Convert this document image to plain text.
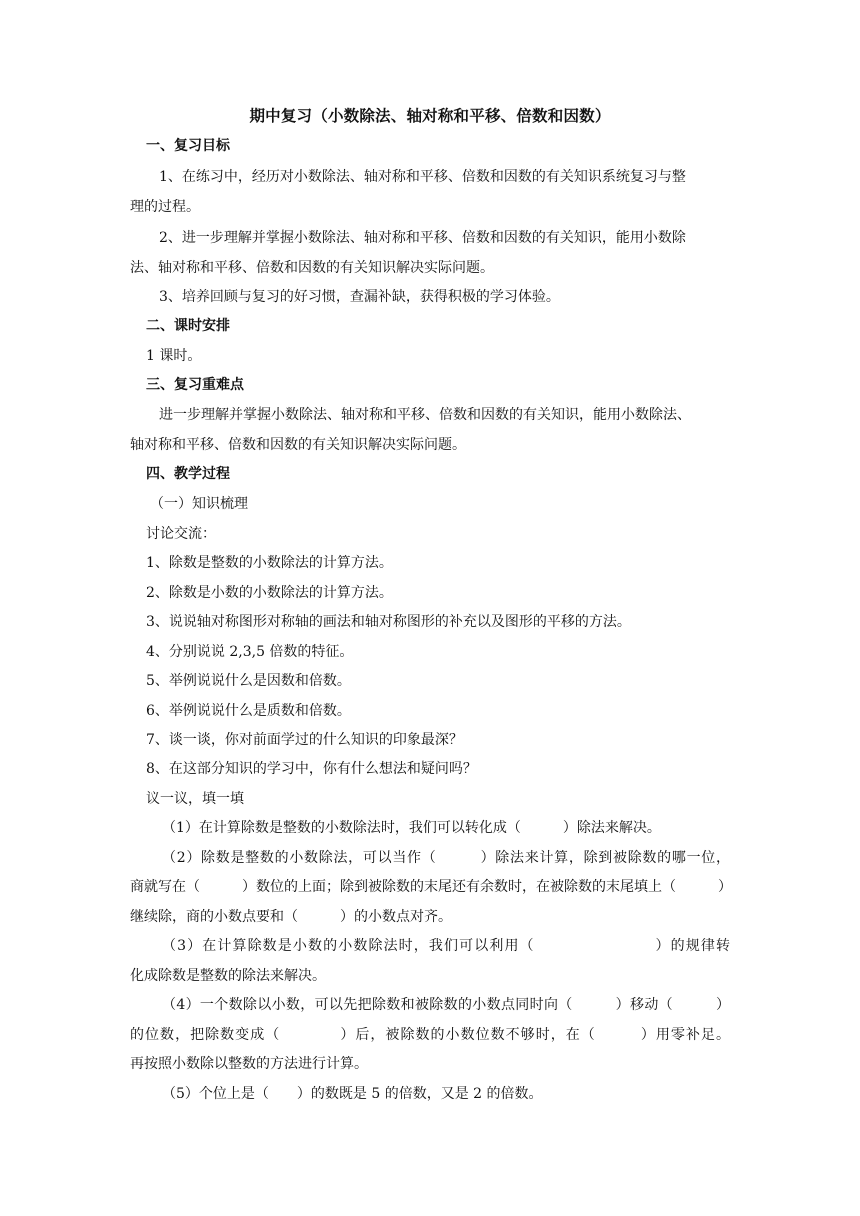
期中复习（小数除法、轴对称和平移、倍数和因数）
一、复习目标
1、在练习中，经历对小数除法、轴对称和平移、倍数和因数的有关知识系统复习与整
理的过程。
2、进一步理解并掌握小数除法、轴对称和平移、倍数和因数的有关知识，能用小数除
法、轴对称和平移、倍数和因数的有关知识解决实际问题。
3、培养回顾与复习的好习惯，查漏补缺，获得积极的学习体验。
二、课时安排
1 课时。
三、复习重难点
进一步理解并掌握小数除法、轴对称和平移、倍数和因数的有关知识，能用小数除法、
轴对称和平移、倍数和因数的有关知识解决实际问题。
四、教学过程
（一）知识梳理
讨论交流：
1、除数是整数的小数除法的计算方法。
2、除数是小数的小数除法的计算方法。
3、说说轴对称图形对称轴的画法和轴对称图形的补充以及图形的平移的方法。
4、分别说说 2,3,5 倍数的特征。
5、举例说说什么是因数和倍数。
6、举例说说什么是质数和倍数。
7、谈一谈，你对前面学过的什么知识的印象最深？
8、在这部分知识的学习中，你有什么想法和疑问吗？
议一议，填一填
（1）在计算除数是整数的小数除法时，我们可以转化成（　　　）除法来解决。
（2）除数是整数的小数除法，可以当作（　　　）除法来计算，除到被除数的哪一位，
商就写在（　　　）数位的上面；除到被除数的末尾还有余数时，在被除数的末尾填上（　　　）
继续除，商的小数点要和（　　　）的小数点对齐。
（3）在计算除数是小数的小数除法时，我们可以利用（　　　　　　　　）的规律转
化成除数是整数的除法来解决。
（4）一个数除以小数，可以先把除数和被除数的小数点同时向（　　　）移动（　　　）
的位数，把除数变成（　　　　）后，被除数的小数位数不够时，在（　　　）用零补足。
再按照小数除以整数的方法进行计算。
（5）个位上是（　　）的数既是 5 的倍数，又是 2 的倍数。
